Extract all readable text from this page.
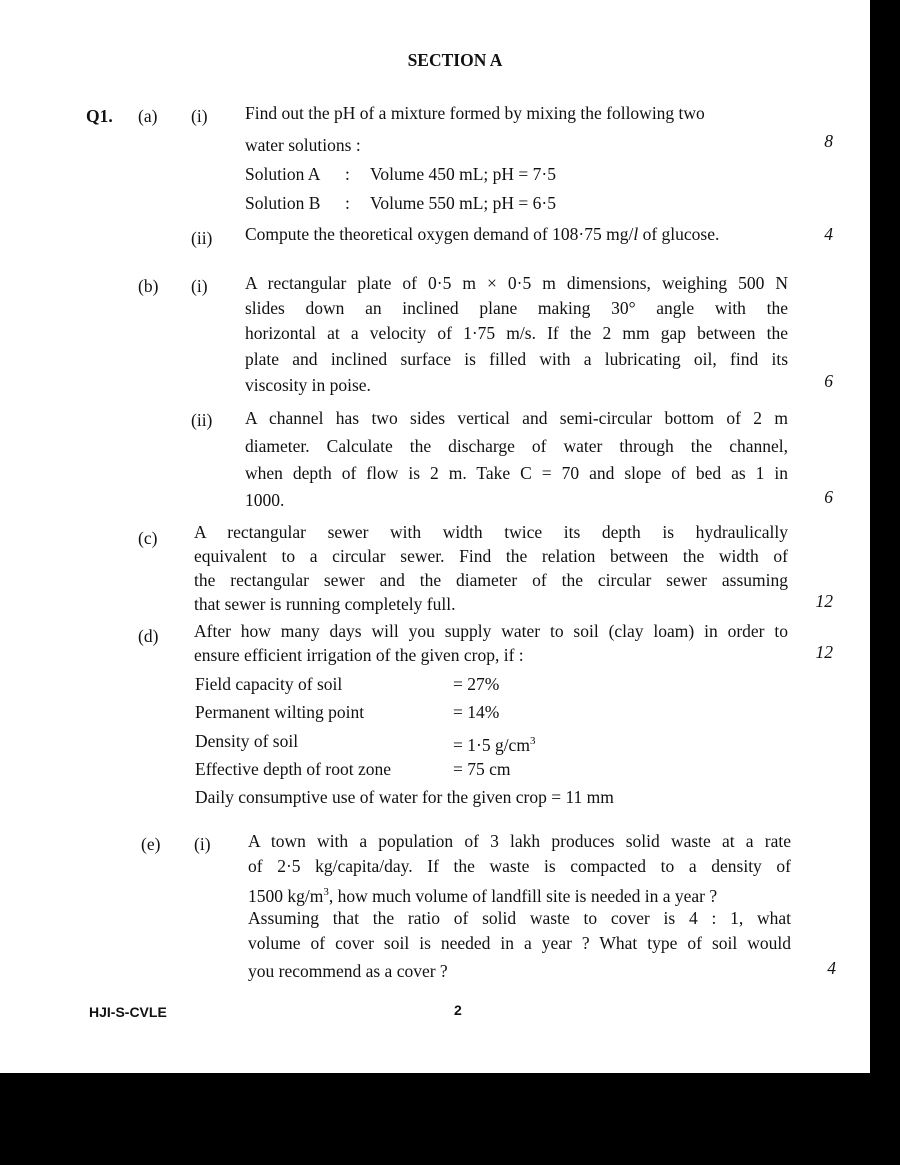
SECTION A
Q1. (a) (i) Find out the pH of a mixture formed by mixing the following two
water solutions :	8
Solution A : Volume 450 mL; pH = 7·5
Solution B : Volume 550 mL; pH = 6·5
(ii) Compute the theoretical oxygen demand of 108·75 mg/l of glucose.	4
(b) (i) A rectangular plate of 0·5 m × 0·5 m dimensions, weighing 500 N
slides down an inclined plane making 30° angle with the
horizontal at a velocity of 1·75 m/s. If the 2 mm gap between the
plate and inclined surface is filled with a lubricating oil, find its
viscosity in poise.	6
(ii) A channel has two sides vertical and semi-circular bottom of 2 m
diameter. Calculate the discharge of water through the channel,
when depth of flow is 2 m. Take C = 70 and slope of bed as 1 in
1000.	6
(c) A rectangular sewer with width twice its depth is hydraulically
equivalent to a circular sewer. Find the relation between the width of
the rectangular sewer and the diameter of the circular sewer assuming
that sewer is running completely full.	12
(d) After how many days will you supply water to soil (clay loam) in order to
ensure efficient irrigation of the given crop, if :	12
Field capacity of soil	= 27%
Permanent wilting point	= 14%
Density of soil	= 1·5 $g/cm^3$
Effective depth of root zone	= 75 cm
Daily consumptive use of water for the given crop = 11 mm
(e) (i) A town with a population of 3 lakh produces solid waste at a rate
of 2·5 kg/capita/day. If the waste is compacted to a density of
1500 $kg/m^3$, how much volume of landfill site is needed in a year ?
Assuming that the ratio of solid waste to cover is 4 : 1, what
volume of cover soil is needed in a year ? What type of soil would
you recommend as a cover ?	4
HJI-S-CVLE	2
